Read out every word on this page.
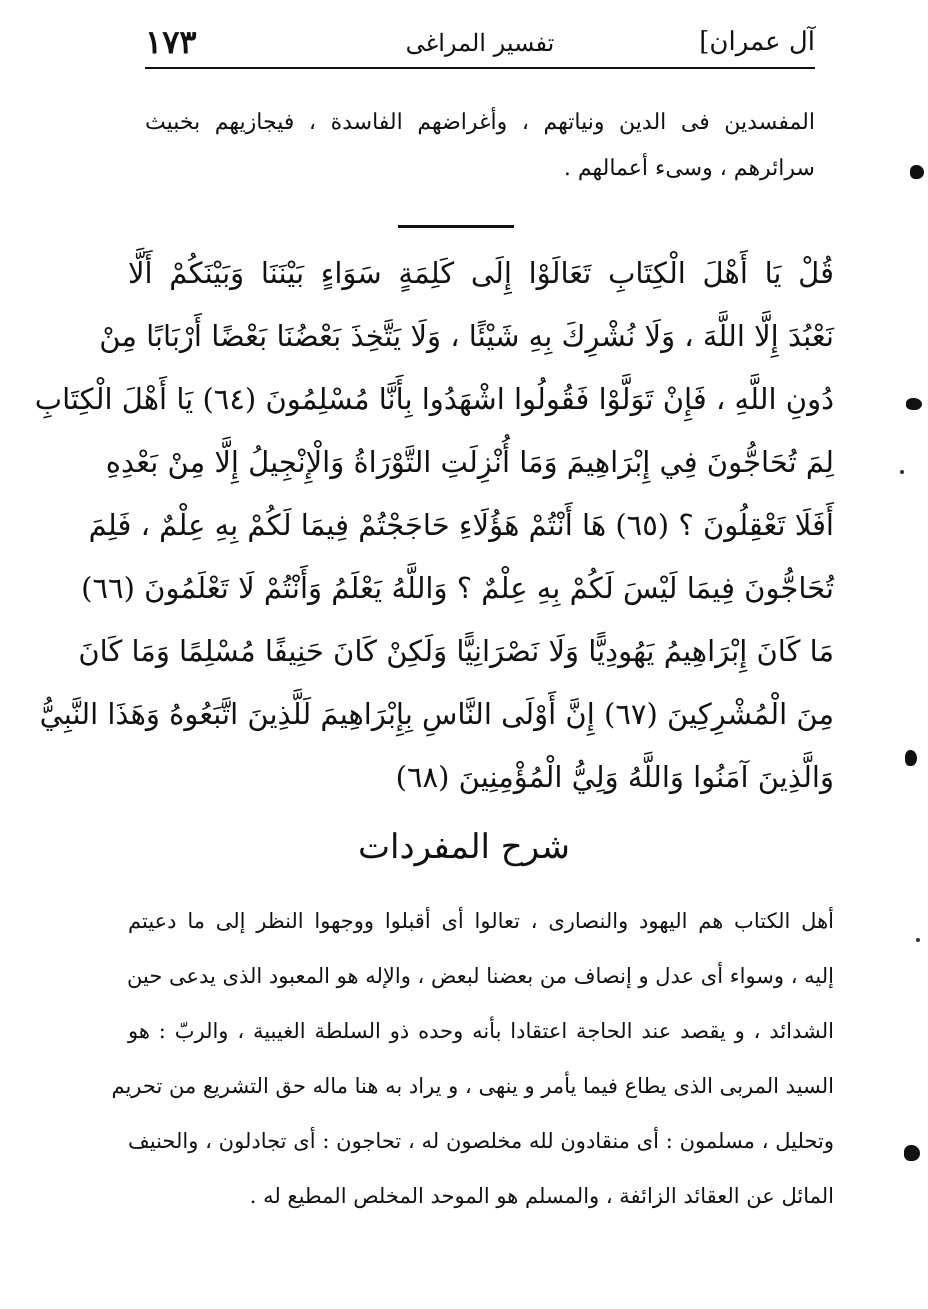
آل عمران]
تفسير المراغى
١٧٣
المفسدين فى الدين ونياتهم ، وأغراضهم الفاسدة ، فيجازيهم بخبيث سرائرهم ، وسىء أعمالهم .
قُلْ يَا أَهْلَ الْكِتَابِ تَعَالَوْا إِلَى كَلِمَةٍ سَوَاءٍ بَيْنَنَا وَبَيْنَكُمْ أَلَّا
نَعْبُدَ إِلَّا اللَّهَ ، وَلَا نُشْرِكَ بِهِ شَيْئًا ، وَلَا يَتَّخِذَ بَعْضُنَا بَعْضًا أَرْبَابًا مِنْ
دُونِ اللَّهِ ، فَإِنْ تَوَلَّوْا فَقُولُوا اشْهَدُوا بِأَنَّا مُسْلِمُونَ (٦٤) يَا أَهْلَ الْكِتَابِ
لِمَ تُحَاجُّونَ فِي إِبْرَاهِيمَ وَمَا أُنْزِلَتِ التَّوْرَاةُ وَالْإِنْجِيلُ إِلَّا مِنْ بَعْدِهِ
أَفَلَا تَعْقِلُونَ ؟ (٦٥) هَا أَنْتُمْ هَؤُلَاءِ حَاجَجْتُمْ فِيمَا لَكُمْ بِهِ عِلْمٌ ، فَلِمَ
تُحَاجُّونَ فِيمَا لَيْسَ لَكُمْ بِهِ عِلْمٌ ؟ وَاللَّهُ يَعْلَمُ وَأَنْتُمْ لَا تَعْلَمُونَ (٦٦)
مَا كَانَ إِبْرَاهِيمُ يَهُودِيًّا وَلَا نَصْرَانِيًّا وَلَكِنْ كَانَ حَنِيفًا مُسْلِمًا وَمَا كَانَ
مِنَ الْمُشْرِكِينَ (٦٧) إِنَّ أَوْلَى النَّاسِ بِإِبْرَاهِيمَ لَلَّذِينَ اتَّبَعُوهُ وَهَذَا النَّبِيُّ
وَالَّذِينَ آمَنُوا وَاللَّهُ وَلِيُّ الْمُؤْمِنِينَ (٦٨)
شرح المفردات
أهل الكتاب هم اليهود والنصارى ، تعالوا أى أقبلوا ووجهوا النظر إلى ما دعيتم
إليه ، وسواء أى عدل و إنصاف من بعضنا لبعض ، والإله هو المعبود الذى يدعى حين
الشدائد ، و يقصد عند الحاجة اعتقادا بأنه وحده ذو السلطة الغيبية ، والربّ : هو
السيد المربى الذى يطاع فيما يأمر و ينهى ، و يراد به هنا ماله حق التشريع من تحريم
وتحليل ، مسلمون : أى منقادون لله مخلصون له ، تحاجون : أى تجادلون ، والحنيف
المائل عن العقائد الزائفة ، والمسلم هو الموحد المخلص المطيع له .
